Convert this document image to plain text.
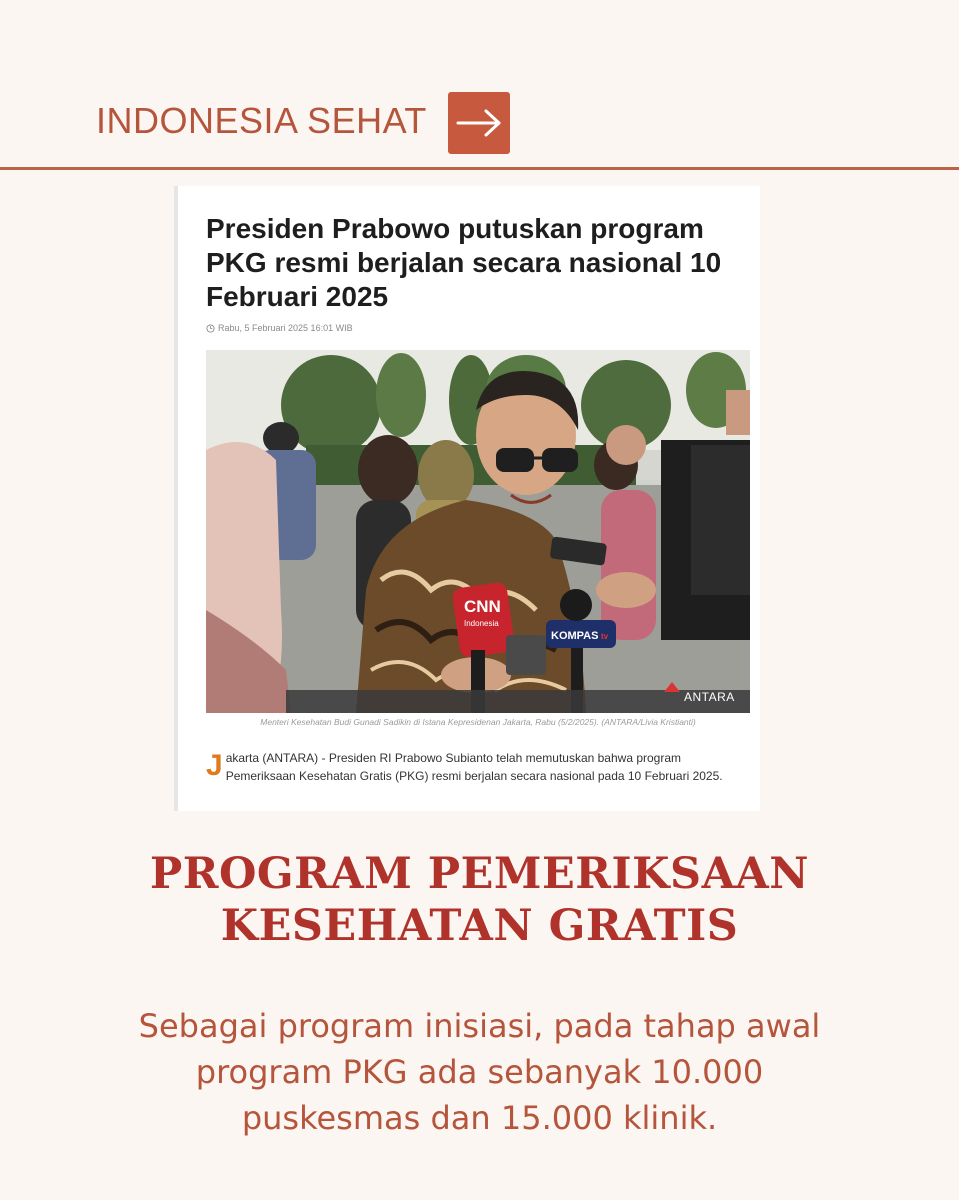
INDONESIA SEHAT
Presiden Prabowo putuskan program PKG resmi berjalan secara nasional 10 Februari 2025
Rabu, 5 Februari 2025 16:01 WIB
CNN
Indonesia
KOMPAS tv
ANTARA
Menteri Kesehatan Budi Gunadi Sadikin di Istana Kepresidenan Jakarta, Rabu (5/2/2025). (ANTARA/Livia Kristianti)
J akarta (ANTARA) - Presiden RI Prabowo Subianto telah memutuskan bahwa program Pemeriksaan Kesehatan Gratis (PKG) resmi berjalan secara nasional pada 10 Februari 2025.
PROGRAM PEMERIKSAAN
KESEHATAN GRATIS
Sebagai program inisiasi, pada tahap awal
program PKG ada sebanyak 10.000
puskesmas dan 15.000 klinik.
